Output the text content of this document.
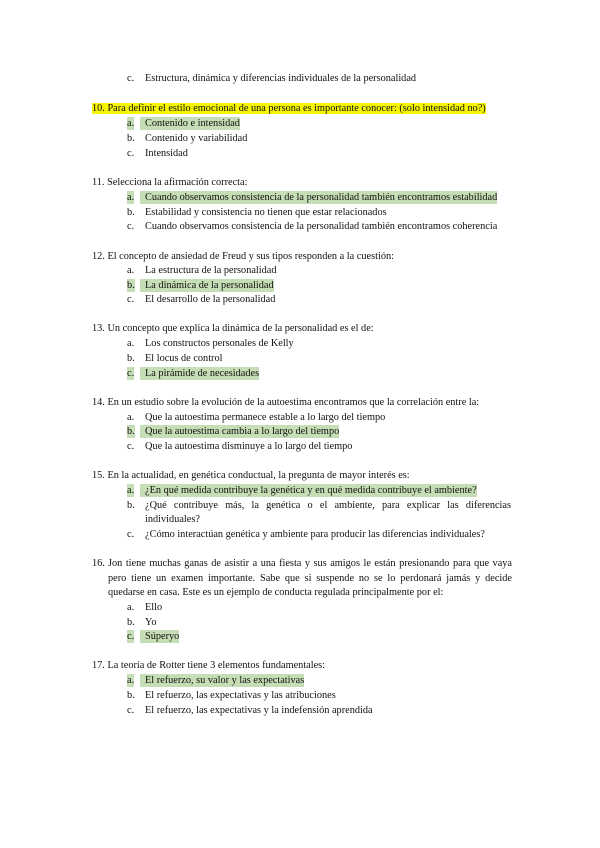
c. Estructura, dinámica y diferencias individuales de la personalidad
10. Para definir el estilo emocional de una persona es importante conocer: (solo intensidad no?)
a.	Contenido e intensidad
b. Contenido y variabilidad
c. Intensidad
11. Selecciona la afirmación correcta:
a.	Cuando observamos consistencia de la personalidad también encontramos estabilidad
b. Estabilidad y consistencia no tienen que estar relacionados
c. Cuando observamos consistencia de la personalidad también encontramos coherencia
12. El concepto de ansiedad de Freud y sus tipos responden a la cuestión:
a. La estructura de la personalidad
b. La dinámica de la personalidad
c. El desarrollo de la personalidad
13. Un concepto que explica la dinámica de la personalidad es el de:
a. Los constructos personales de Kelly
b. El locus de control
c.	La pirámide de necesidades
14. En un estudio sobre la evolución de la autoestima encontramos que la correlación entre la:
a. Que la autoestima permanece estable a lo largo del tiempo
b. Que la autoestima cambia a lo largo del tiempo
c. Que la autoestima disminuye a lo largo del tiempo
15. En la actualidad, en genética conductual, la pregunta de mayor interés es:
a.	¿En qué medida contribuye la genética y en qué medida contribuye el ambiente?
b. ¿Qué contribuye más, la genética o el ambiente, para explicar las diferencias
individuales?
c. ¿Cómo interactúan genética y ambiente para producir las diferencias individuales?
16. Jon tiene muchas ganas de asistir a una fiesta y sus amigos le están presionando para que vaya
pero tiene un examen importante. Sabe que si suspende no se lo perdonará jamás y decide
quedarse en casa. Este es un ejemplo de conducta regulada principalmente por el:
a. Ello
b. Yo
c.	Súperyo
17. La teoría de Rotter tiene 3 elementos fundamentales:
a.	El refuerzo, su valor y las expectativas
b. El refuerzo, las expectativas y las atribuciones
c. El refuerzo, las expectativas y la indefensión aprendida
